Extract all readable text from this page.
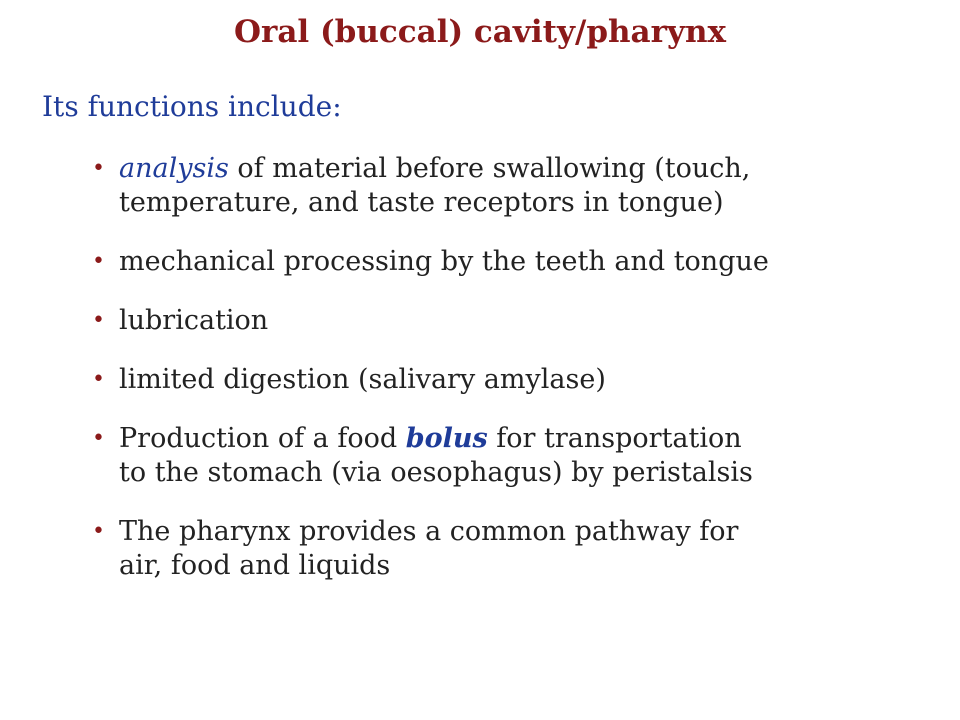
Oral (buccal) cavity/pharynx
Its functions include:
• analysis of material before swallowing (touch,
temperature, and taste receptors in tongue)
• mechanical processing by the teeth and tongue
• lubrication
• limited digestion (salivary amylase)
• Production of a food bolus for transportation
to the stomach (via oesophagus) by peristalsis
• The pharynx provides a common pathway for
air, food and liquids
